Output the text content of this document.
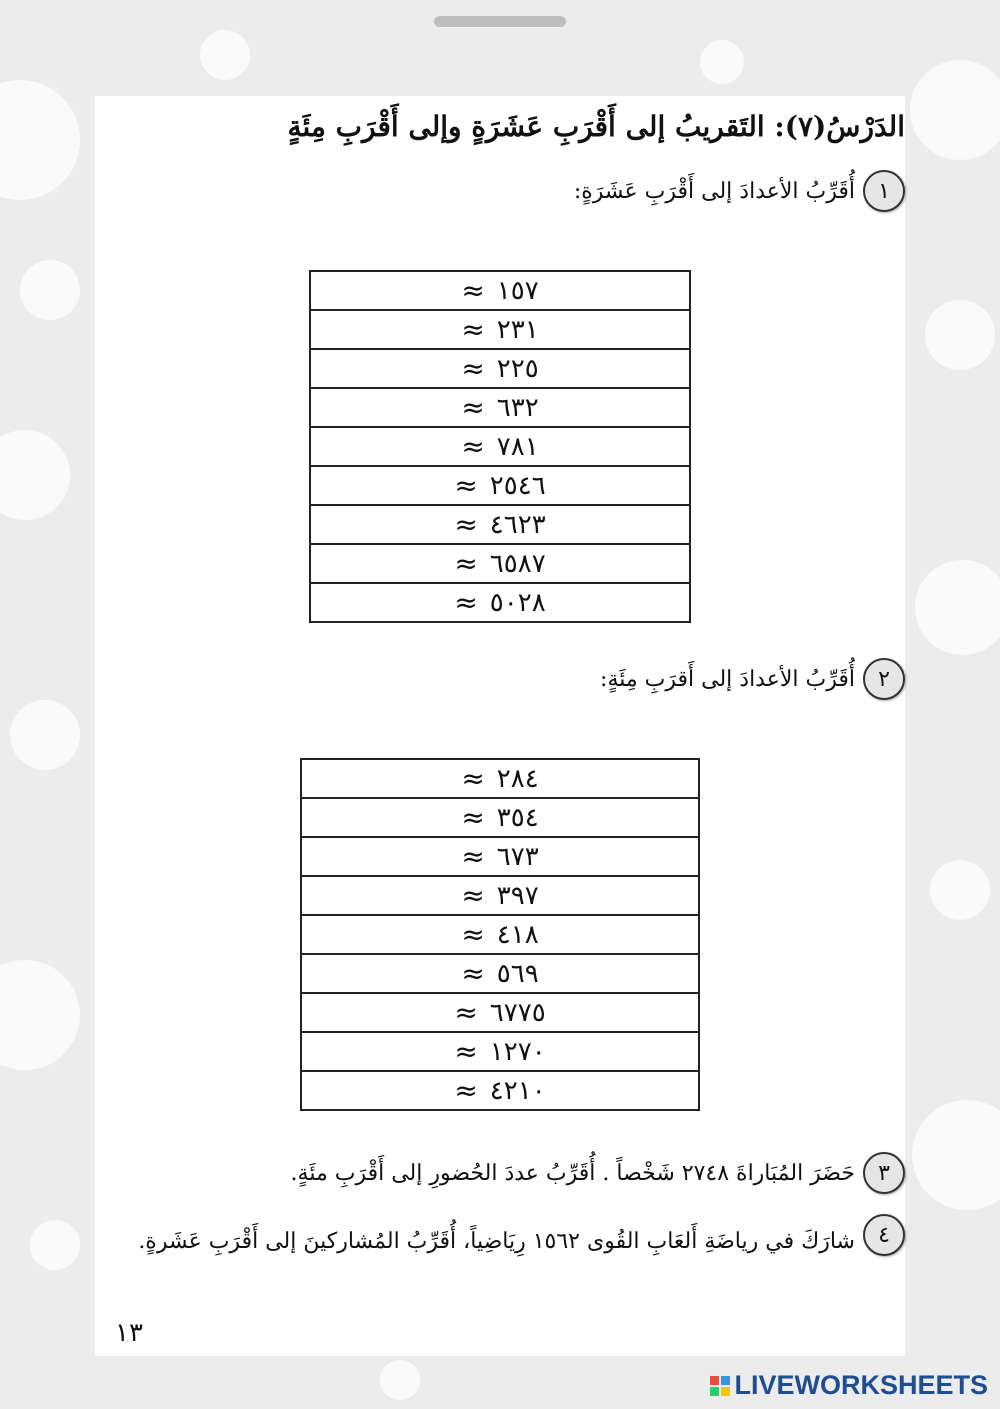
الدَرْسُ(٧): التَقريبُ إلى أَقْرَبِ عَشَرَةٍ وإلى أَقْرَبِ مِئَةٍ
١
أُقَرِّبُ الأعدادَ إلى أَقْرَبِ عَشَرَةٍ:
≈ ١٥٧

≈ ٢٣١

≈ ٢٢٥

≈ ٦٣٢

≈ ٧٨١

≈ ٢٥٤٦

≈ ٤٦٢٣

≈ ٦٥٨٧

≈ ٥٠٢٨
٢
أُقَرِّبُ الأعدادَ إلى أَقرَبِ مِئَةٍ:
≈ ٢٨٤

≈ ٣٥٤

≈ ٦٧٣

≈ ٣٩٧

≈ ٤١٨

≈ ٥٦٩

≈ ٦٧٧٥

≈ ١٢٧٠

≈ ٤٢١٠
٣
حَضَرَ المُبَاراةَ ٢٧٤٨ شَخْصاً . أُقَرِّبُ عددَ الحُضورِ إلى أَقْرَبِ مئَةٍ.
٤
شارَكَ في رياضَةِ أَلعَابِ القُوى ١٥٦٢ رِيَاضِياً، أُقَرِّبُ المُشاركينَ إلى أَقْرَبِ عَشَرةٍ.
١٣
LIVEWORKSHEETS
